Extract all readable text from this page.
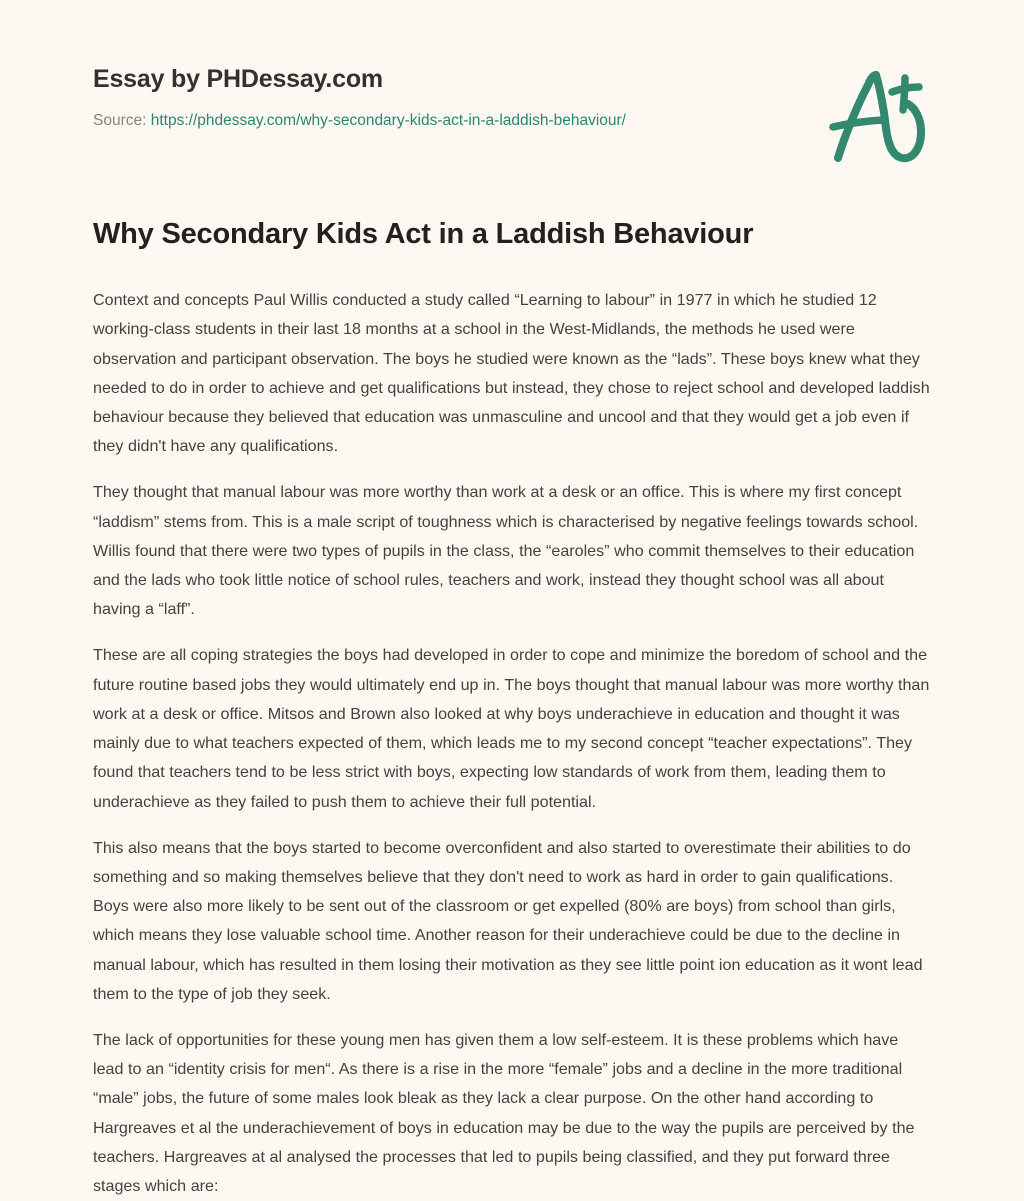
Essay by PHDessay.com
Source: https://phdessay.com/why-secondary-kids-act-in-a-laddish-behaviour/
Why Secondary Kids Act in a Laddish Behaviour

Context and concepts Paul Willis conducted a study called “Learning to labour” in 1977 in which he studied 12 working-class students in their last 18 months at a school in the West-Midlands, the methods he used were observation and participant observation. The boys he studied were known as the “lads”. These boys knew what they needed to do in order to achieve and get qualifications but instead, they chose to reject school and developed laddish behaviour because they believed that education was unmasculine and uncool and that they would get a job even if they didn't have any qualifications.

They thought that manual labour was more worthy than work at a desk or an office. This is where my first concept “laddism” stems from. This is a male script of toughness which is characterised by negative feelings towards school. Willis found that there were two types of pupils in the class, the “earoles” who commit themselves to their education and the lads who took little notice of school rules, teachers and work, instead they thought school was all about having a “laff”.

These are all coping strategies the boys had developed in order to cope and minimize the boredom of school and the future routine based jobs they would ultimately end up in. The boys thought that manual labour was more worthy than work at a desk or office. Mitsos and Brown also looked at why boys underachieve in education and thought it was mainly due to what teachers expected of them, which leads me to my second concept “teacher expectations”. They found that teachers tend to be less strict with boys, expecting low standards of work from them, leading them to underachieve as they failed to push them to achieve their full potential.

This also means that the boys started to become overconfident and also started to overestimate their abilities to do something and so making themselves believe that they don't need to work as hard in order to gain qualifications. Boys were also more likely to be sent out of the classroom or get expelled (80% are boys) from school than girls, which means they lose valuable school time. Another reason for their underachieve could be due to the decline in manual labour, which has resulted in them losing their motivation as they see little point ion education as it wont lead them to the type of job they seek.

The lack of opportunities for these young men has given them a low self-esteem. It is these problems which have lead to an “identity crisis for men“. As there is a rise in the more “female” jobs and a decline in the more traditional “male” jobs, the future of some males look bleak as they lack a clear purpose. On the other hand according to Hargreaves et al the underachievement of boys in education may be due to the way the pupils are perceived by the teachers. Hargreaves at al analysed the processes that led to pupils being classified, and they put forward three stages which are:
